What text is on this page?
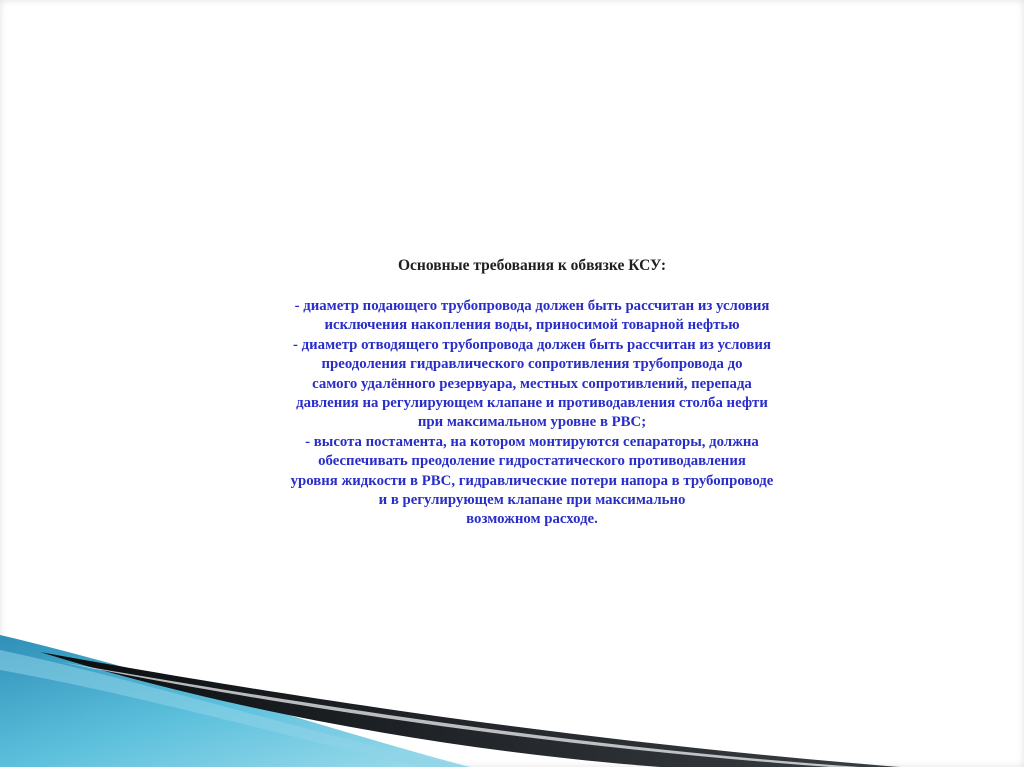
Основные требования к обвязке КСУ:
- диаметр подающего трубопровода должен быть рассчитан из условия
исключения накопления воды, приносимой товарной нефтью
- диаметр отводящего трубопровода должен быть рассчитан из условия
преодоления гидравлического сопротивления трубопровода до
самого удалённого резервуара, местных сопротивлений, перепада
давления на регулирующем клапане и противодавления столба нефти
при максимальном уровне в РВС;
- высота постамента, на котором монтируются сепараторы, должна
обеспечивать преодоление гидростатического противодавления
уровня жидкости в РВС, гидравлические потери напора в трубопроводе
и в регулирующем клапане при максимально
возможном расходе.
